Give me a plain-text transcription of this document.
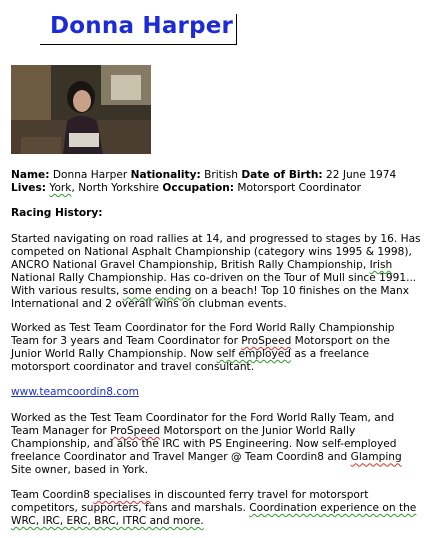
Donna Harper
Name: Donna Harper Nationality: British Date of Birth: 22 June 1974 Lives: York, North Yorkshire Occupation: Motorsport Coordinator
Racing History:
Started navigating on road rallies at 14, and progressed to stages by 16. Has competed on National Asphalt Championship (category wins 1995 & 1998), ANCRO National Gravel Championship, British Rally Championship, Irish National Rally Championship. Has co-driven on the Tour of Mull since 1991... With various results, some ending on a beach! Top 10 finishes on the Manx International and 2 overall wins on clubman events.
Worked as Test Team Coordinator for the Ford World Rally Championship Team for 3 years and Team Coordinator for ProSpeed Motorsport on the Junior World Rally Championship. Now self employed as a freelance motorsport coordinator and travel consultant.
www.teamcoordin8.com
Worked as the Test Team Coordinator for the Ford World Rally Team, and Team Manager for ProSpeed Motorsport on the Junior World Rally Championship, and also the IRC with PS Engineering. Now self-employed freelance Coordinator and Travel Manger @ Team Coordin8 and Glamping Site owner, based in York.
Team Coordin8 specialises in discounted ferry travel for motorsport competitors, supporters, fans and marshals. Coordination experience on the WRC, IRC, ERC, BRC, ITRC and more.
